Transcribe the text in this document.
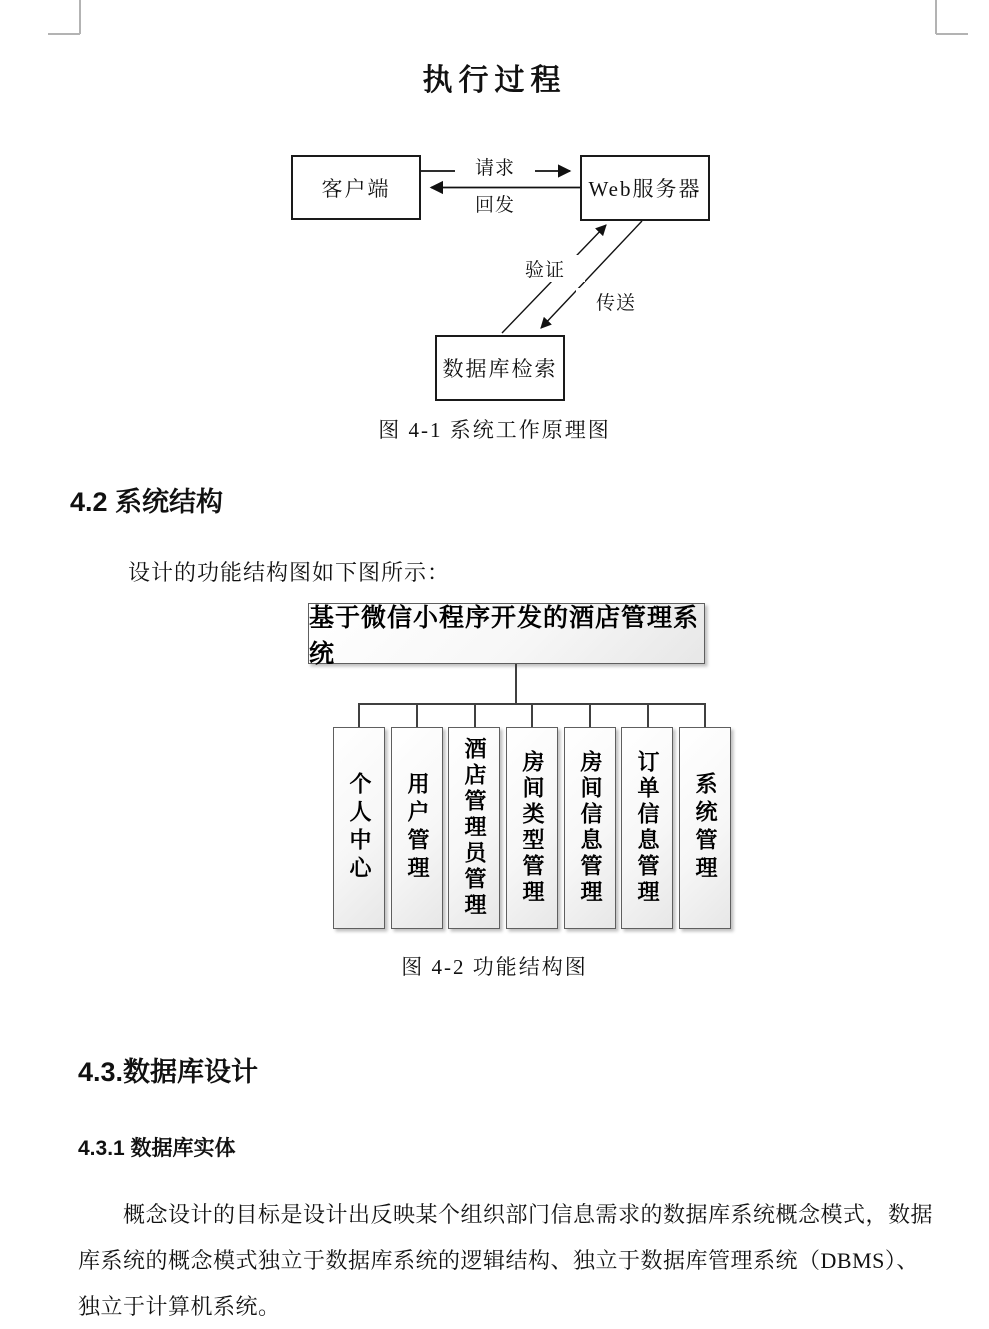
执行过程
客户端	Web服务器
数据库检索
请求
回发
验证
传送
图 4-1 系统工作原理图
4.2 系统结构
设计的功能结构图如下图所示：
基于微信小程序开发的酒店管理系统
个人中心 用户管理 酒店管理员管理 房间类型管理 房间信息管理 订单信息管理 系统管理
图 4-2 功能结构图
4.3.数据库设计
4.3.1 数据库实体
概念设计的目标是设计出反映某个组织部门信息需求的数据库系统概念模式，数据
库系统的概念模式独立于数据库系统的逻辑结构、独立于数据库管理系统（DBMS）、
独立于计算机系统。
